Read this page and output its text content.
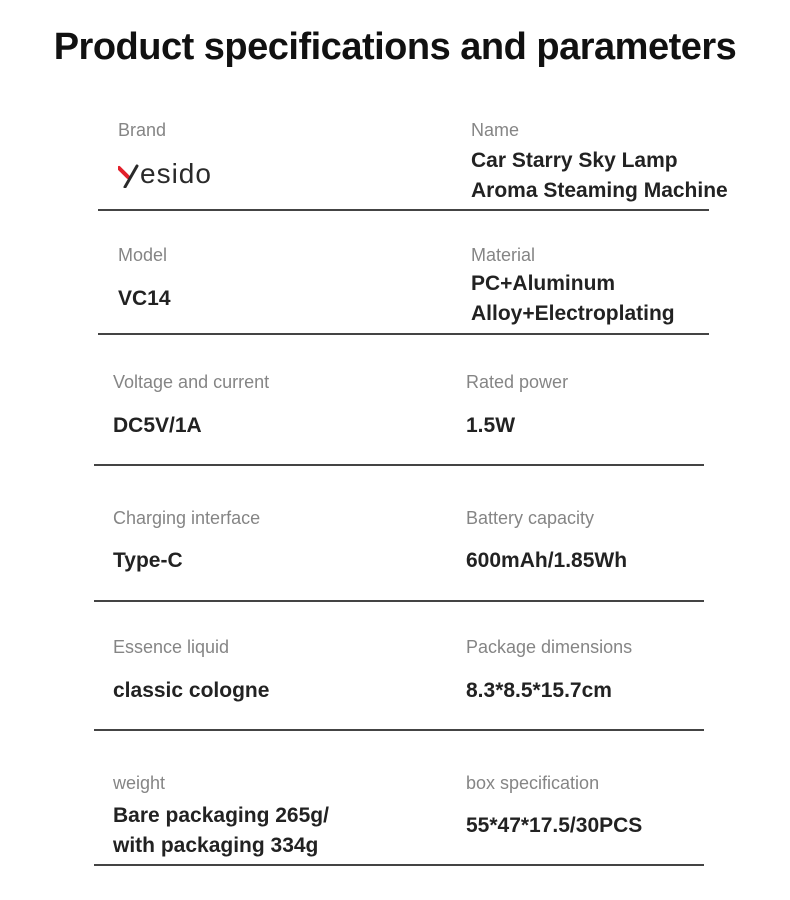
Product specifications and parameters
Brand
esido
Name
Car Starry Sky Lamp
Aroma Steaming Machine
Model
VC14
Material
PC+Aluminum
Alloy+Electroplating
Voltage and current
DC5V/1A
Rated power
1.5W
Charging interface
Type-C
Battery capacity
600mAh/1.85Wh
Essence liquid
classic cologne
Package dimensions
8.3*8.5*15.7cm
weight
Bare packaging 265g/
with packaging 334g
box specification
55*47*17.5/30PCS
